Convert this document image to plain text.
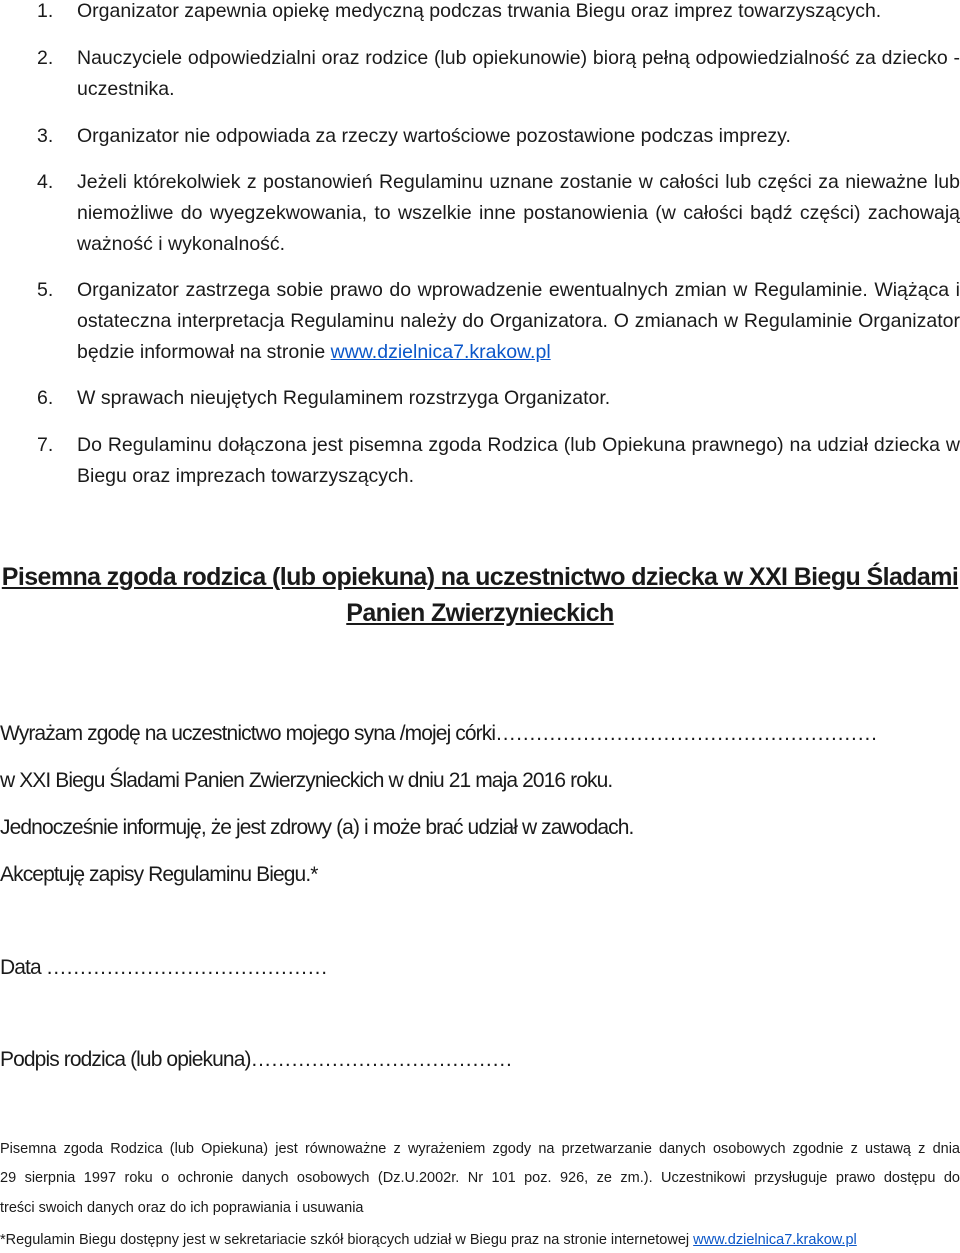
1. Organizator zapewnia opiekę medyczną podczas trwania Biegu oraz imprez towarzyszących.
2. Nauczyciele odpowiedzialni oraz rodzice (lub opiekunowie) biorą pełną odpowiedzialność za dziecko - uczestnika.
3. Organizator nie odpowiada za rzeczy wartościowe pozostawione podczas imprezy.
4. Jeżeli którekolwiek z postanowień Regulaminu uznane zostanie w całości lub części za nieważne lub niemożliwe do wyegzekwowania, to wszelkie inne postanowienia (w całości bądź części) zachowają ważność i wykonalność.
5. Organizator zastrzega sobie prawo do wprowadzenie ewentualnych zmian w Regulaminie. Wiążąca i ostateczna interpretacja Regulaminu należy do Organizatora. O zmianach w Regulaminie Organizator będzie informował na stronie www.dzielnica7.krakow.pl
6. W sprawach nieujętych Regulaminem rozstrzyga Organizator.
7. Do Regulaminu dołączona jest pisemna zgoda Rodzica (lub Opiekuna prawnego) na udział dziecka w Biegu oraz imprezach towarzyszących.
Pisemna zgoda rodzica (lub opiekuna) na uczestnictwo dziecka w XXI Biegu Śladami
Panien Zwierzynieckich
Wyrażam zgodę na uczestnictwo mojego syna /mojej córki…………………………………………………
w XXI Biegu Śladami Panien Zwierzynieckich w dniu 21 maja 2016 roku.
Jednocześnie informuję, że jest zdrowy (a) i może brać udział w zawodach.
Akceptuję zapisy Regulaminu Biegu.*
Data ……………………………………
Podpis rodzica (lub opiekuna)…………………………………
Pisemna zgoda Rodzica (lub Opiekuna) jest równoważne z wyrażeniem zgody na przetwarzanie danych osobowych zgodnie z ustawą z dnia
29 sierpnia 1997 roku o ochronie danych osobowych (Dz.U.2002r. Nr 101 poz. 926, ze zm.). Uczestnikowi przysługuje prawo dostępu do
treści swoich danych oraz do ich poprawiania i usuwania
*Regulamin Biegu dostępny jest w sekretariacie szkół biorących udział w Biegu praz na stronie internetowej www.dzielnica7.krakow.pl
